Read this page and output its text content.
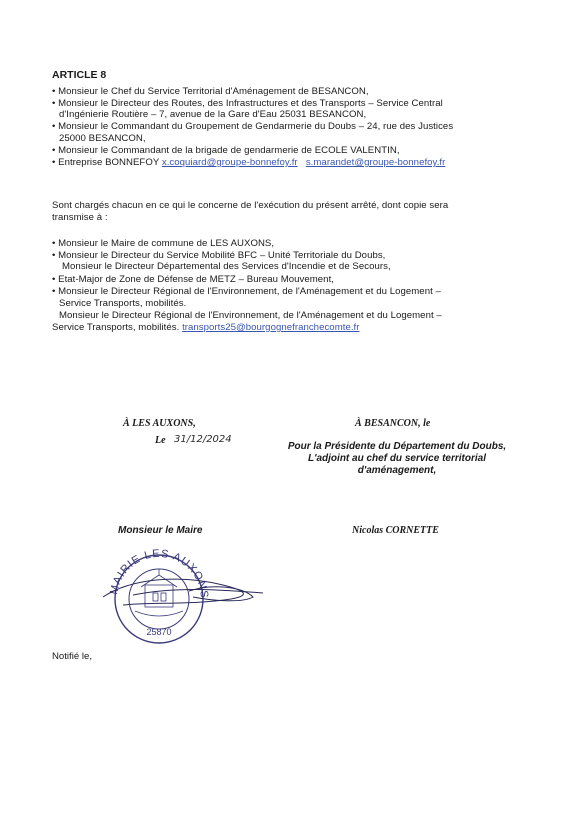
ARTICLE 8
• Monsieur le Chef du Service Territorial d'Aménagement de BESANCON,
• Monsieur le Directeur des Routes, des Infrastructures et des Transports – Service Central
d'Ingénierie Routière – 7, avenue de la Gare d'Eau 25031 BESANCON,
• Monsieur le Commandant du Groupement de Gendarmerie du Doubs – 24, rue des Justices
25000 BESANCON,
• Monsieur le Commandant de la brigade de gendarmerie de ECOLE VALENTIN,
• Entreprise BONNEFOY x.coquiard@groupe-bonnefoy.fr s.marandet@groupe-bonnefoy.fr
Sont chargés chacun en ce qui le concerne de l'exécution du présent arrêté, dont copie sera
transmise à :
• Monsieur le Maire de commune de LES AUXONS,
• Monsieur le Directeur du Service Mobilité BFC – Unité Territoriale du Doubs,
Monsieur le Directeur Départemental des Services d'Incendie et de Secours,
• Etat-Major de Zone de Défense de METZ – Bureau Mouvement,
• Monsieur le Directeur Régional de l'Environnement, de l'Aménagement et du Logement –
Service Transports, mobilités.
Monsieur le Directeur Régional de l'Environnement, de l'Aménagement et du Logement –
Service Transports, mobilités. transports25@bourgognefranchecomte.fr
À LES AUXONS,
Le 31/12/2024
Monsieur le Maire
À BESANCON, le
Pour la Présidente du Département du Doubs,
L'adjoint au chef du service territorial
d'aménagement,
Nicolas CORNETTE
MAIRIE LES AUXONS
25870
Notifié le,
